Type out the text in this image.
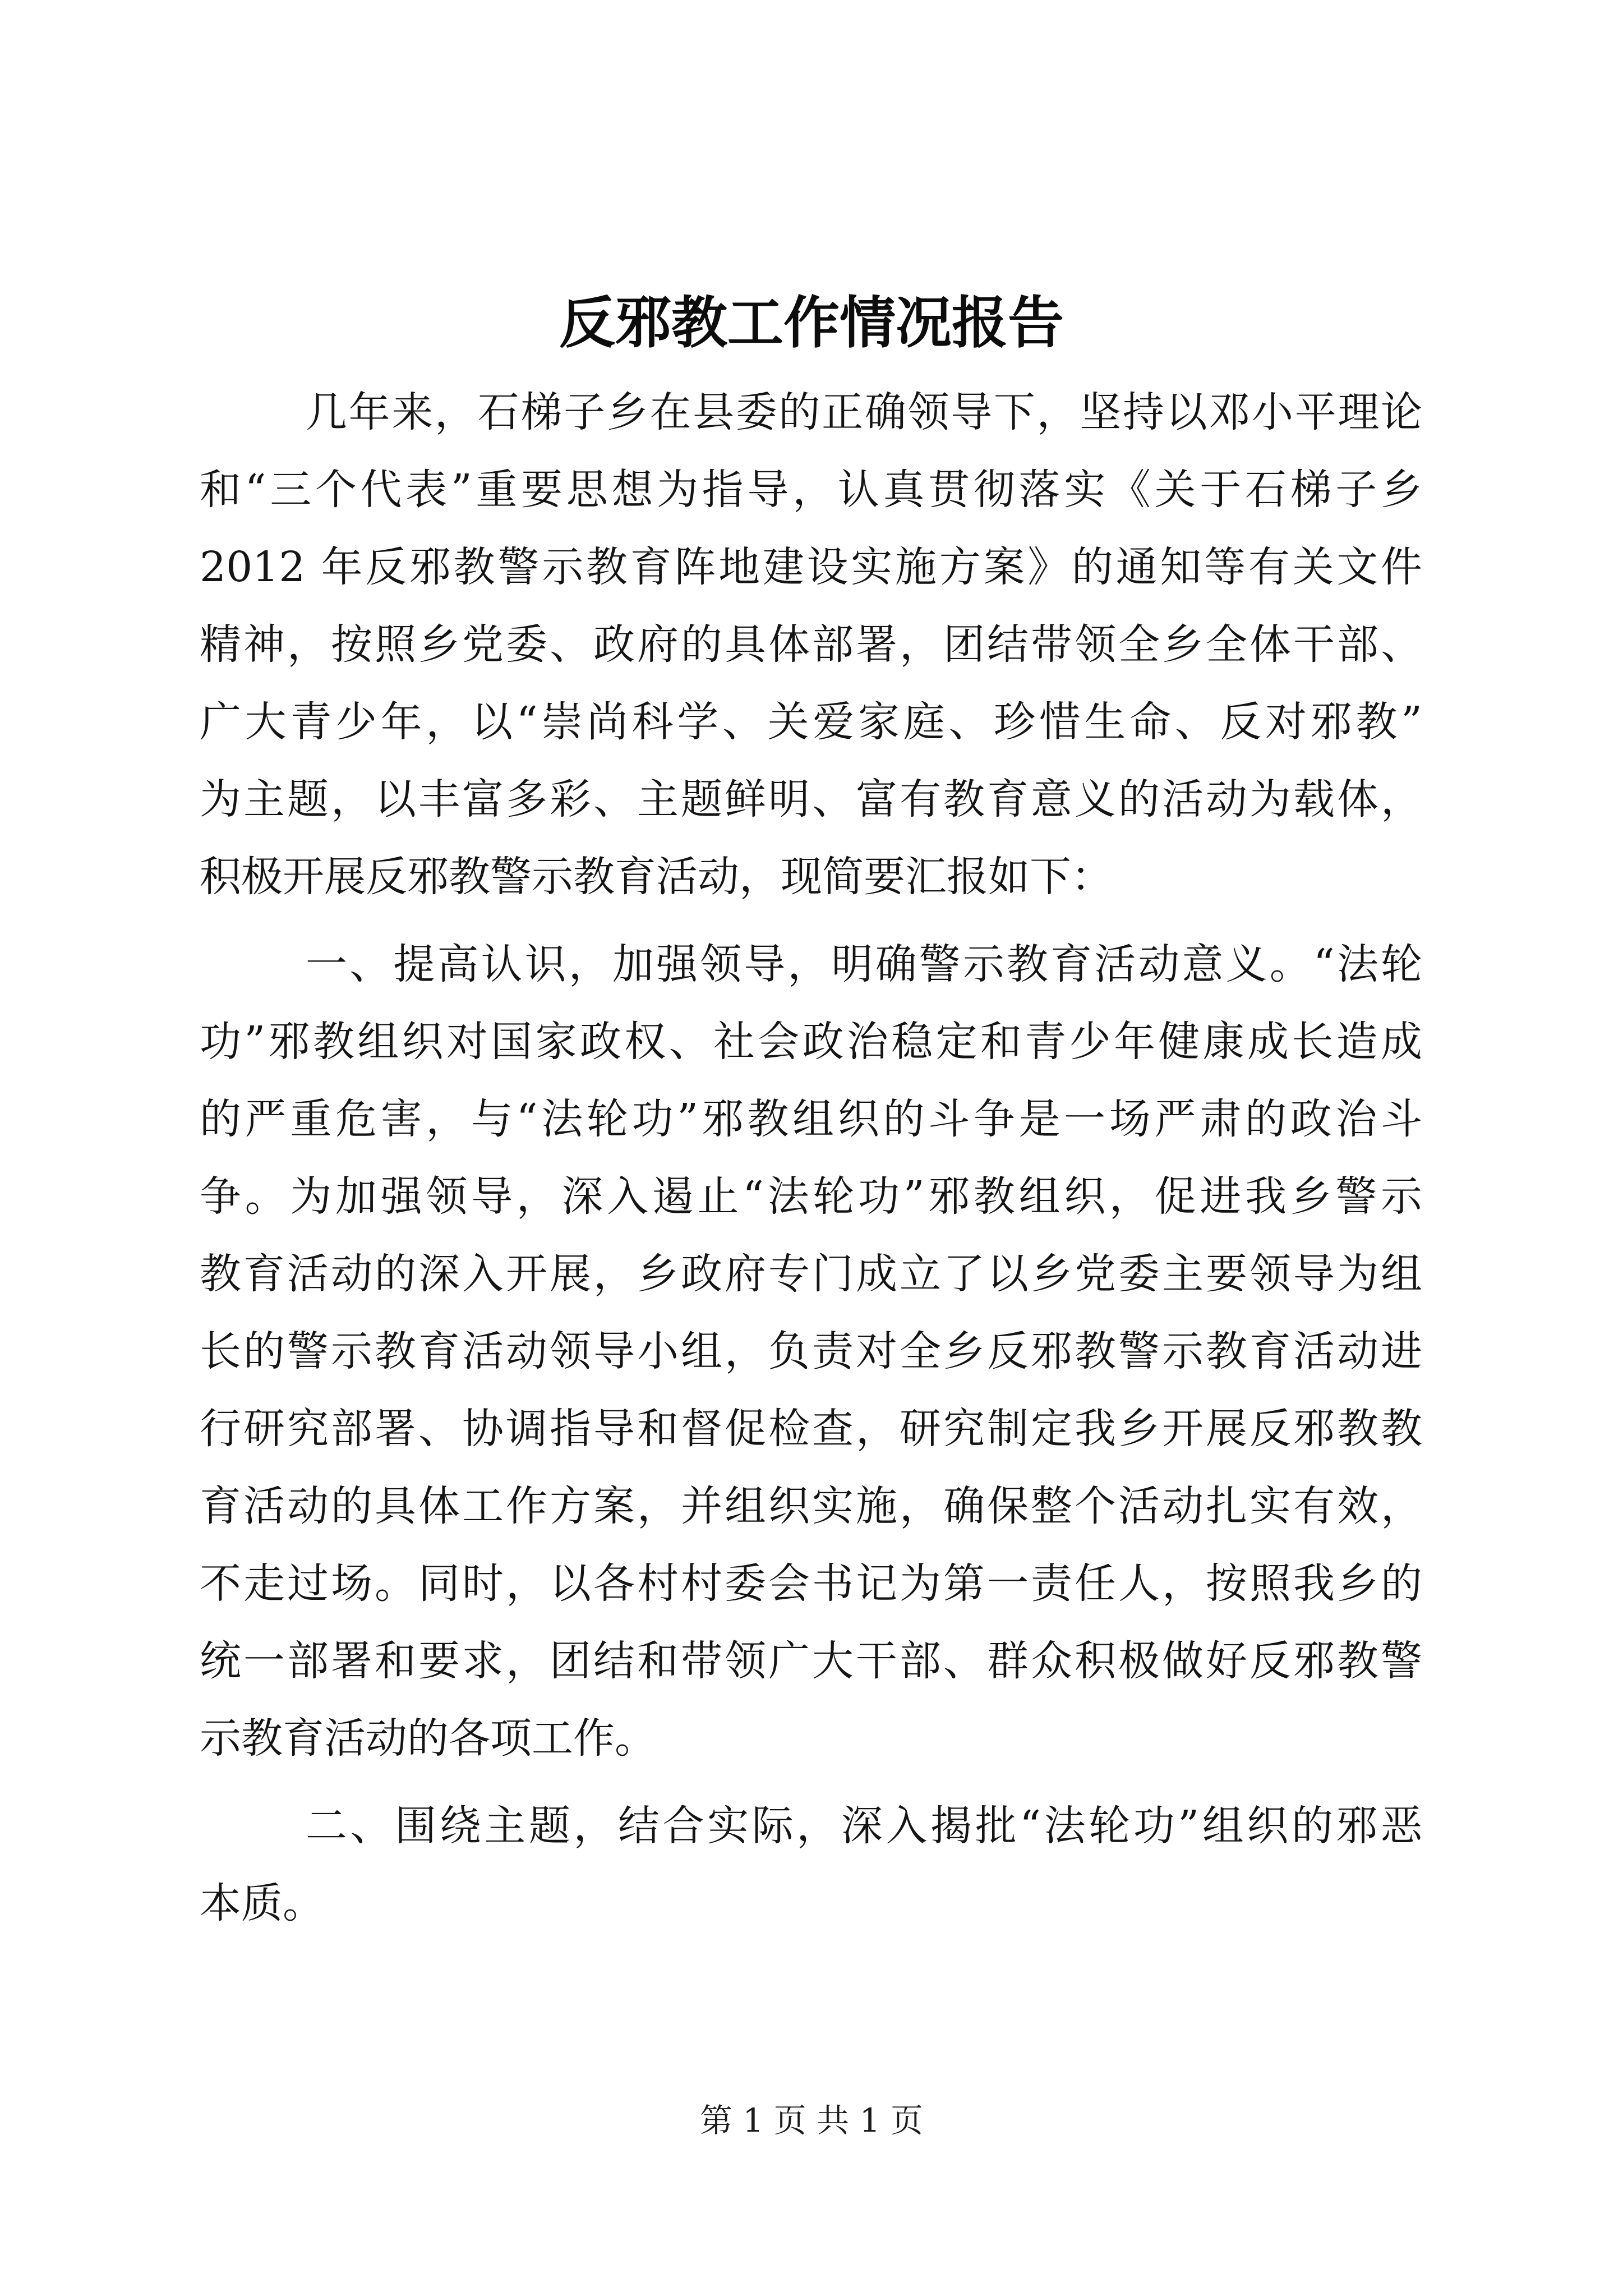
反邪教工作情况报告
几年来，石梯子乡在县委的正确领导下，坚持以邓小平理论
和“三个代表”重要思想为指导，认真贯彻落实《关于石梯子乡
2012 年反邪教警示教育阵地建设实施方案》的通知等有关文件
精神，按照乡党委、政府的具体部署，团结带领全乡全体干部、
广大青少年，以“崇尚科学、关爱家庭、珍惜生命、反对邪教”
为主题，以丰富多彩、主题鲜明、富有教育意义的活动为载体，
积极开展反邪教警示教育活动，现简要汇报如下：
一、提高认识，加强领导，明确警示教育活动意义。“法轮
功”邪教组织对国家政权、社会政治稳定和青少年健康成长造成
的严重危害，与“法轮功”邪教组织的斗争是一场严肃的政治斗
争。为加强领导，深入遏止“法轮功”邪教组织，促进我乡警示
教育活动的深入开展，乡政府专门成立了以乡党委主要领导为组
长的警示教育活动领导小组，负责对全乡反邪教警示教育活动进
行研究部署、协调指导和督促检查，研究制定我乡开展反邪教教
育活动的具体工作方案，并组织实施，确保整个活动扎实有效，
不走过场。同时，以各村村委会书记为第一责任人，按照我乡的
统一部署和要求，团结和带领广大干部、群众积极做好反邪教警
示教育活动的各项工作。
二、围绕主题，结合实际，深入揭批“法轮功”组织的邪恶
本质。
第 1 页 共 1 页
